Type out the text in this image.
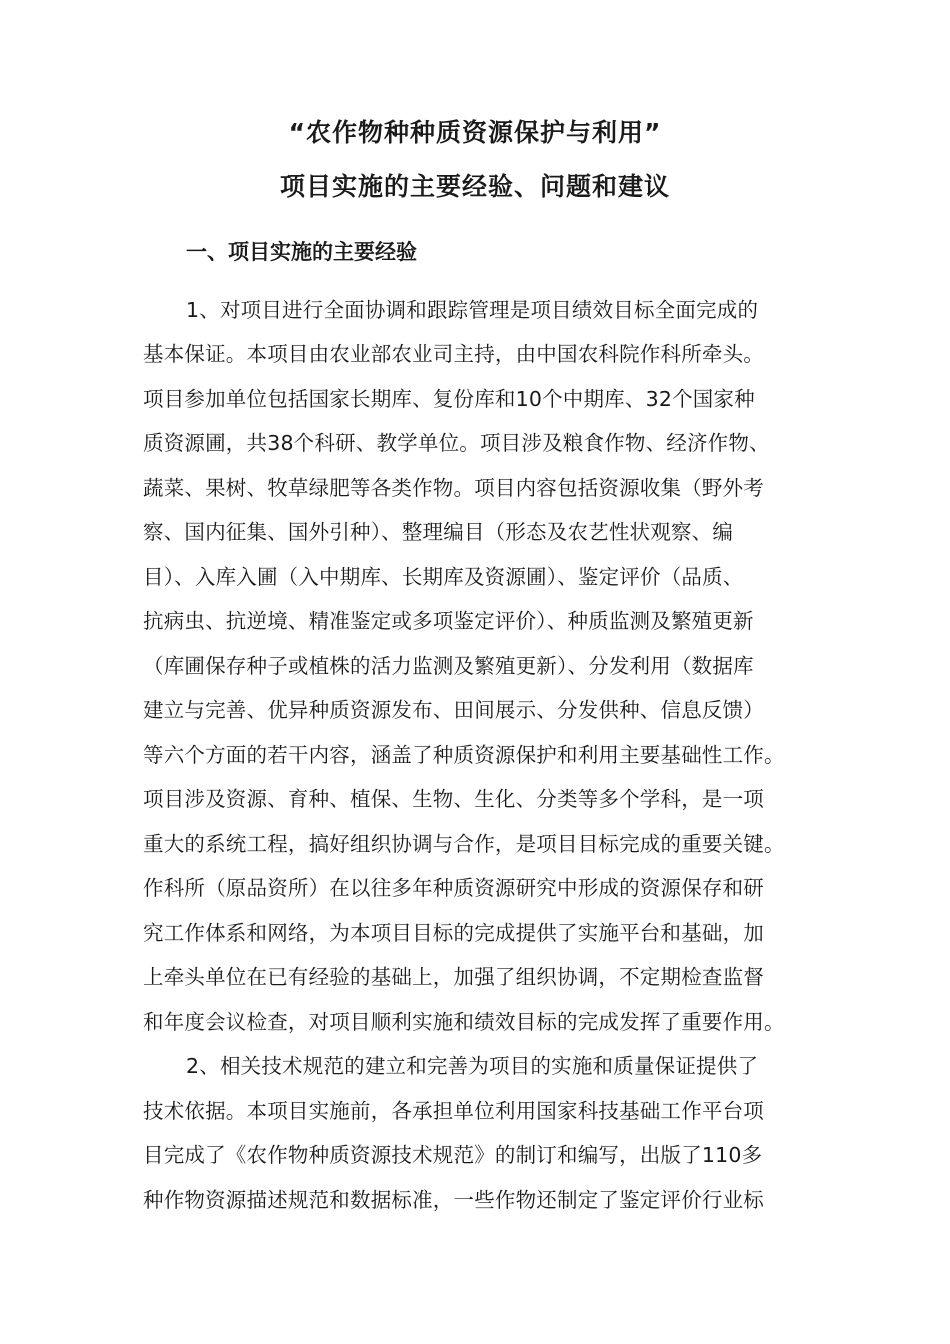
“农作物种种质资源保护与利用”
项目实施的主要经验、问题和建议
一、项目实施的主要经验
1、对项目进行全面协调和跟踪管理是项目绩效目标全面完成的
基本保证。本项目由农业部农业司主持，由中国农科院作科所牵头。
项目参加单位包括国家长期库、复份库和10个中期库、32个国家种
质资源圃，共38个科研、教学单位。项目涉及粮食作物、经济作物、
蔬菜、果树、牧草绿肥等各类作物。项目内容包括资源收集（野外考
察、国内征集、国外引种）、整理编目（形态及农艺性状观察、编
目）、入库入圃（入中期库、长期库及资源圃）、鉴定评价（品质、
抗病虫、抗逆境、精准鉴定或多项鉴定评价）、种质监测及繁殖更新
（库圃保存种子或植株的活力监测及繁殖更新）、分发利用（数据库
建立与完善、优异种质资源发布、田间展示、分发供种、信息反馈）
等六个方面的若干内容，涵盖了种质资源保护和利用主要基础性工作。
项目涉及资源、育种、植保、生物、生化、分类等多个学科，是一项
重大的系统工程，搞好组织协调与合作，是项目目标完成的重要关键。
作科所（原品资所）在以往多年种质资源研究中形成的资源保存和研
究工作体系和网络，为本项目目标的完成提供了实施平台和基础，加
上牵头单位在已有经验的基础上，加强了组织协调，不定期检查监督
和年度会议检查，对项目顺利实施和绩效目标的完成发挥了重要作用。
2、相关技术规范的建立和完善为项目的实施和质量保证提供了
技术依据。本项目实施前，各承担单位利用国家科技基础工作平台项
目完成了《农作物种质资源技术规范》的制订和编写，出版了110多
种作物资源描述规范和数据标准，一些作物还制定了鉴定评价行业标
